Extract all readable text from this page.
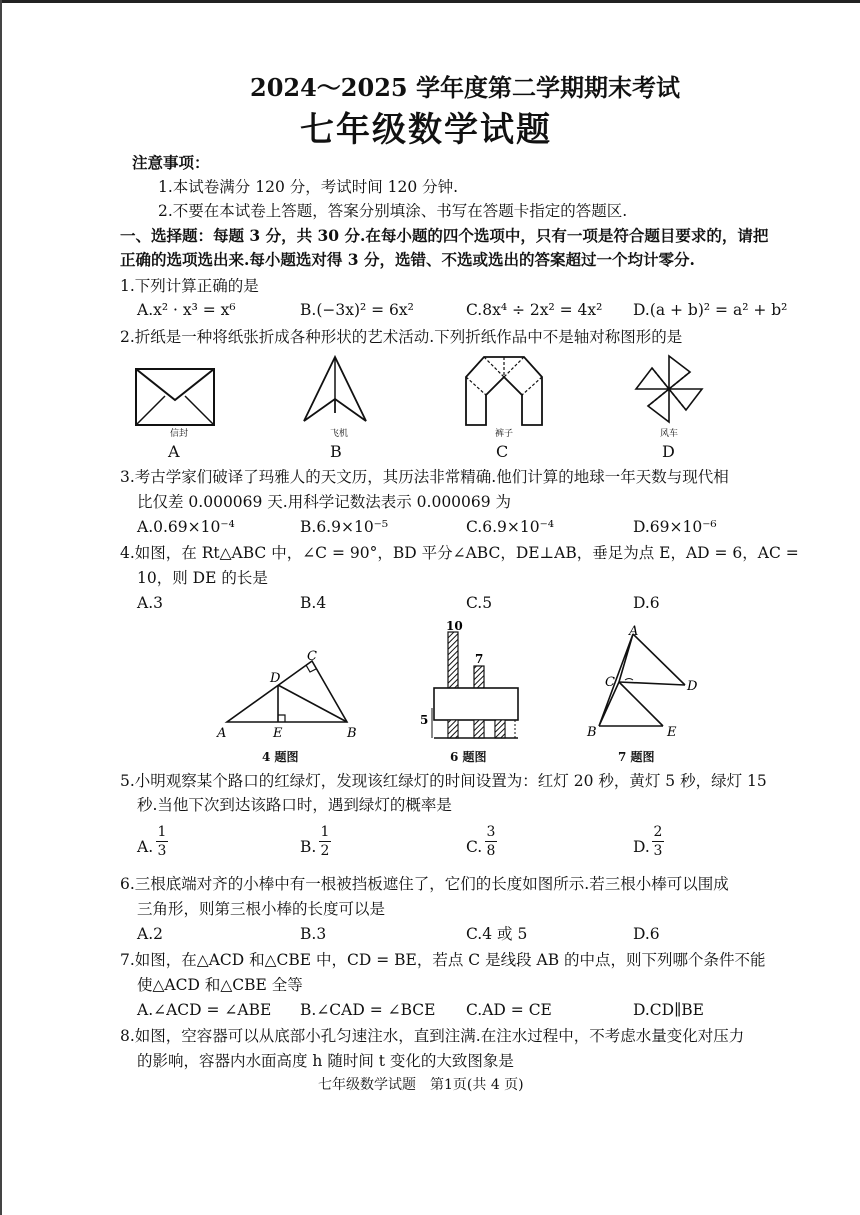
2024～2025 学年度第二学期期末考试
七年级数学试题
注意事项：
1.本试卷满分 120 分，考试时间 120 分钟.
2.不要在本试卷上答题，答案分别填涂、书写在答题卡指定的答题区.
一、选择题：每题 3 分，共 30 分.在每小题的四个选项中，只有一项是符合题目要求的，请把
正确的选项选出来.每小题选对得 3 分，选错、不选或选出的答案超过一个均计零分.
1.下列计算正确的是
A.x² · x³ = x⁶	B.(−3x)² = 6x²	C.8x⁴ ÷ 2x² = 4x² D.(a + b)² = a² + b²
2.折纸是一种将纸张折成各种形状的艺术活动.下列折纸作品中不是轴对称图形的是
信封
A
飞机
B
裤子
C
风车
D
3.考古学家们破译了玛雅人的天文历，其历法非常精确.他们计算的地球一年天数与现代相
比仅差 0.000069 天.用科学记数法表示 0.000069 为
A.0.69×10⁻⁴	B.6.9×10⁻⁵	C.6.9×10⁻⁴	D.69×10⁻⁶
4.如图，在 Rt△ABC 中，∠C = 90°，BD 平分∠ABC，DE⊥AB，垂足为点 E，AD = 6，AC =
10，则 DE 的长是
A.3	B.4	C.5	D.6
A	B
C
D
E
4 题图
10
7
5
6 题图
A
C	D
B	E
7 题图
5.小明观察某个路口的红绿灯，发现该红绿灯的时间设置为：红灯 20 秒，黄灯 5 秒，绿灯 15
秒.当他下次到达该路口时，遇到绿灯的概率是
A.
1
3	B.
1
2	C.
3
8	D.
2
3
6.三根底端对齐的小棒中有一根被挡板遮住了，它们的长度如图所示.若三根小棒可以围成
三角形，则第三根小棒的长度可以是
A.2	B.3	C.4 或 5	D.6
7.如图，在△ACD 和△CBE 中，CD = BE，若点 C 是线段 AB 的中点，则下列哪个条件不能
使△ACD 和△CBE 全等
A.∠ACD = ∠ABE B.∠CAD = ∠BCE C.AD = CE	D.CD∥BE
8.如图，空容器可以从底部小孔匀速注水，直到注满.在注水过程中，不考虑水量变化对压力
的影响，容器内水面高度 h 随时间 t 变化的大致图象是
七年级数学试题　第1页(共 4 页)
